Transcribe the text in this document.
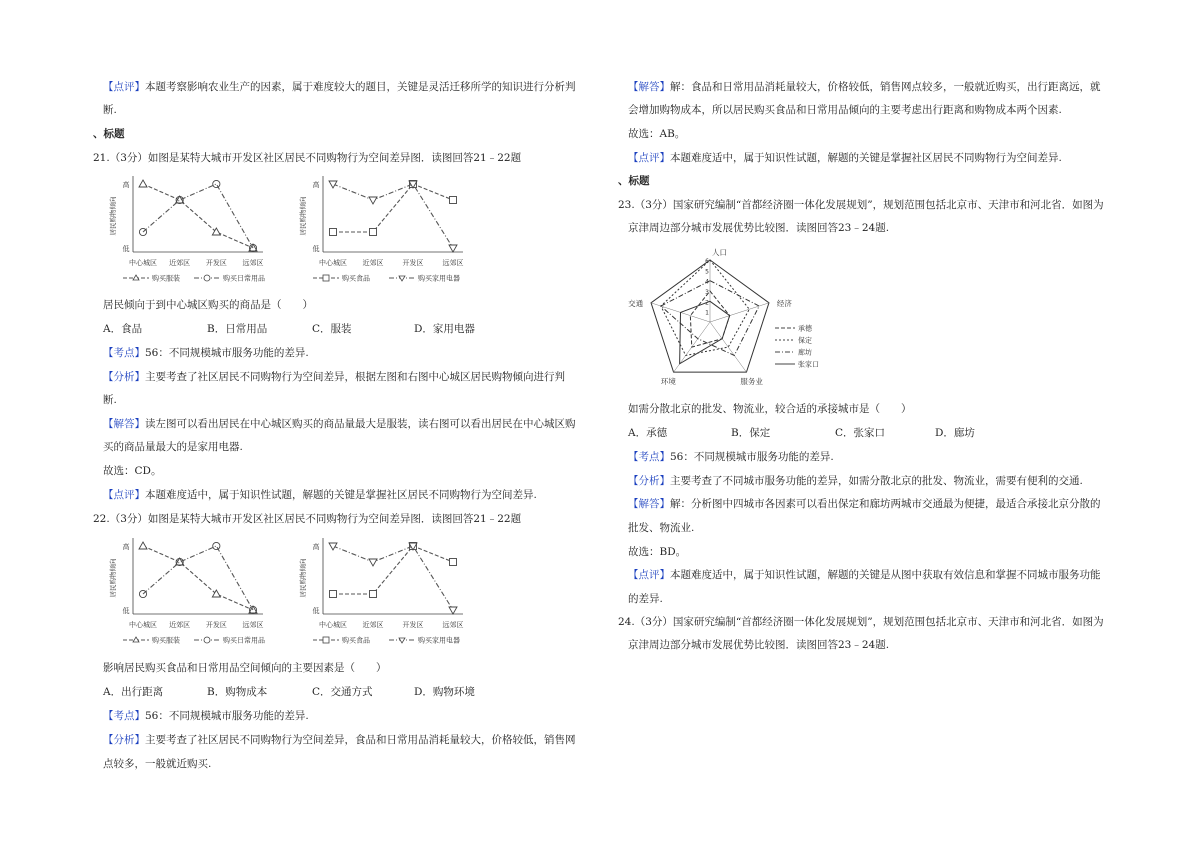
【点评】本题考察影响农业生产的因素，属于难度较大的题目，关键是灵活迁移所学的知识进行分析判
断.
、标题
21.（3分）如图是某特大城市开发区社区居民不同购物行为空间差异图．读图回答21﹣22题
高
低
居民购物倾向
中心城区 近郊区 开发区 远郊区
购买服装	购买日常用品
高
低
居民购物倾向
中心城区 近郊区	开发区	远郊区
购买食品	购买家用电器
居民倾向于到中心城区购买的商品是（　　）
A．食品	B．日常用品	C．服装	D．家用电器
【考点】56：不同规模城市服务功能的差异.
【分析】主要考查了社区居民不同购物行为空间差异，根据左图和右图中心城区居民购物倾向进行判
断.
【解答】读左图可以看出居民在中心城区购买的商品量最大是服装，读右图可以看出居民在中心城区购
买的商品量最大的是家用电器.
故选：CD。
【点评】本题难度适中，属于知识性试题，解题的关键是掌握社区居民不同购物行为空间差异.
22.（3分）如图是某特大城市开发区社区居民不同购物行为空间差异图．读图回答21﹣22题
高
低
居民购物倾向
中心城区 近郊区 开发区 远郊区
购买服装	购买日常用品
高
低
居民购物倾向
中心城区 近郊区	开发区	远郊区
购买食品	购买家用电器
影响居民购买食品和日常用品空间倾向的主要因素是（　　）
A．出行距离	B．购物成本	C．交通方式	D．购物环境
【考点】56：不同规模城市服务功能的差异.
【分析】主要考查了社区居民不同购物行为空间差异，食品和日常用品消耗量较大，价格较低，销售网
点较多，一般就近购买.
【解答】解：食品和日常用品消耗量较大，价格较低，销售网点较多，一般就近购买，出行距离远，就
会增加购物成本，所以居民购买食品和日常用品倾向的主要考虑出行距离和购物成本两个因素.
故选：AB。
【点评】本题难度适中，属于知识性试题，解题的关键是掌握社区居民不同购物行为空间差异.
、标题
23.（3分）国家研究编制“首都经济圈一体化发展规划”，规划范围包括北京市、天津市和河北省．如图为
京津周边部分城市发展优势比较图．读图回答23﹣24题.
6
5
4
3
2
1
人口
经济
服务业
环境
交通
承德
保定
廊坊
张家口
如需分散北京的批发、物流业，较合适的承接城市是（　　）
A．承德	B．保定	C．张家口	D．廊坊
【考点】56：不同规模城市服务功能的差异.
【分析】主要考查了不同城市服务功能的差异，如需分散北京的批发、物流业，需要有便利的交通.
【解答】解：分析图中四城市各因素可以看出保定和廊坊两城市交通最为便捷，最适合承接北京分散的
批发、物流业.
故选：BD。
【点评】本题难度适中，属于知识性试题，解题的关键是从图中获取有效信息和掌握不同城市服务功能
的差异.
24.（3分）国家研究编制“首都经济圈一体化发展规划”，规划范围包括北京市、天津市和河北省．如图为
京津周边部分城市发展优势比较图．读图回答23﹣24题.
